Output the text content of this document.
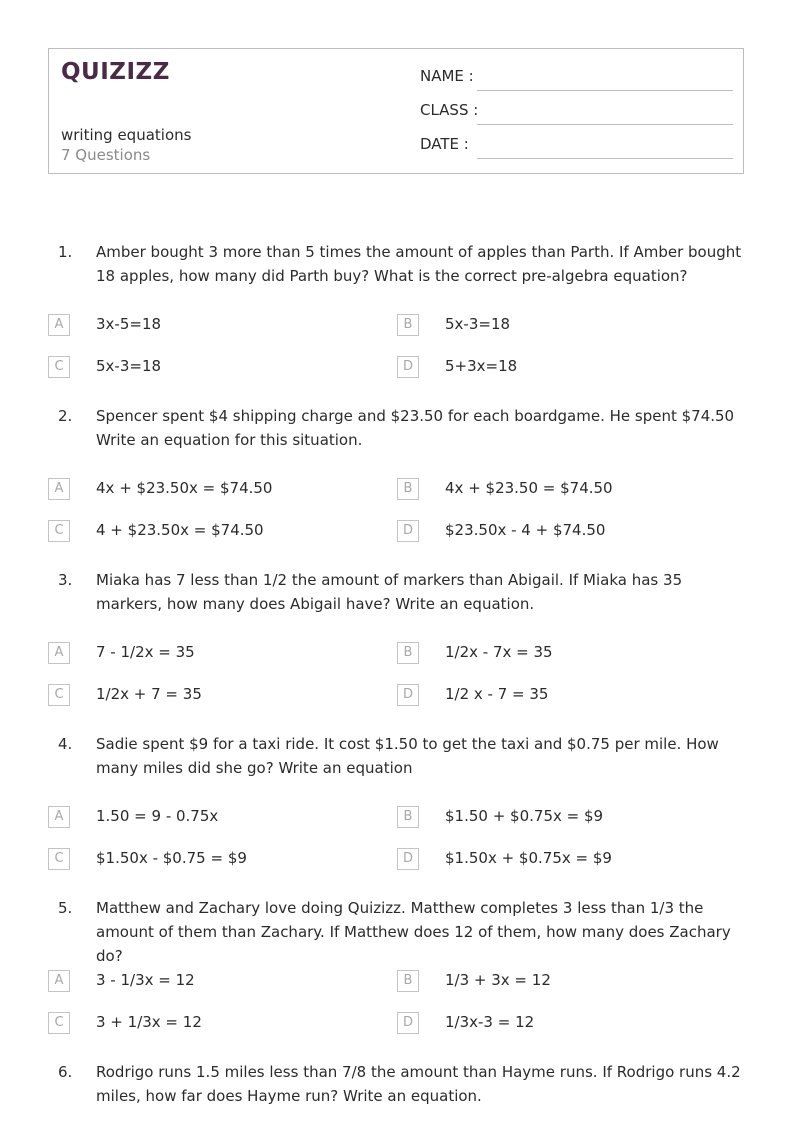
QUIZIZZ
writing equations
7 Questions
NAME :
CLASS :
DATE :
1. Amber bought 3 more than 5 times the amount of apples than Parth. If Amber bought 18 apples, how many did Parth buy? What is the correct pre-algebra equation?
A	3x-5=18	B	5x-3=18
C	5x-3=18	D	5+3x=18
2. Spencer spent $4 shipping charge and $23.50 for each boardgame. He spent $74.50 Write an equation for this situation.
A	4x + $23.50x = $74.50	B	4x + $23.50 = $74.50
C	4 + $23.50x = $74.50	D	$23.50x - 4 + $74.50
3. Miaka has 7 less than 1/2 the amount of markers than Abigail. If Miaka has 35 markers, how many does Abigail have? Write an equation.
A	7 - 1/2x = 35	B	1/2x - 7x = 35
C	1/2x + 7 = 35	D	1/2 x - 7 = 35
4. Sadie spent $9 for a taxi ride. It cost $1.50 to get the taxi and $0.75 per mile. How many miles did she go? Write an equation
A	1.50 = 9 - 0.75x	B	$1.50 + $0.75x = $9
C	$1.50x - $0.75 = $9	D	$1.50x + $0.75x = $9
5. Matthew and Zachary love doing Quizizz. Matthew completes 3 less than 1/3 the amount of them than Zachary. If Matthew does 12 of them, how many does Zachary do?
A	3 - 1/3x = 12	B	1/3 + 3x = 12
C	3 + 1/3x = 12	D	1/3x-3 = 12
6. Rodrigo runs 1.5 miles less than 7/8 the amount than Hayme runs. If Rodrigo runs 4.2 miles, how far does Hayme run? Write an equation.
